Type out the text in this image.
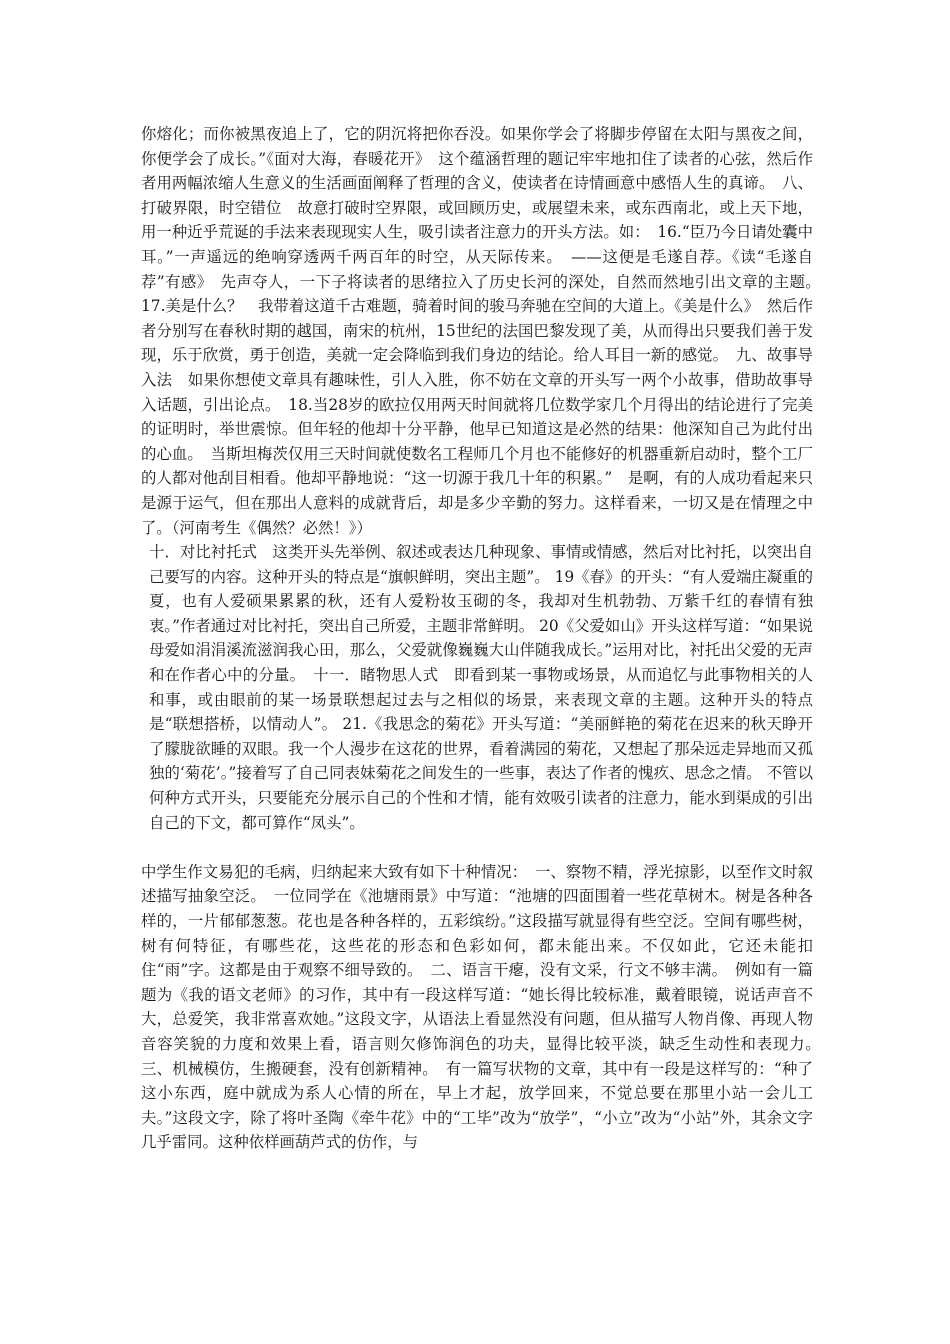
你熔化；而你被黑夜追上了，它的阴沉将把你吞没。如果你学会了将脚步停留在太阳与黑夜之间，你便学会了成长。”《面对大海，春暖花开》　这个蕴涵哲理的题记牢牢地扣住了读者的心弦，然后作者用两幅浓缩人生意义的生活画面阐释了哲理的含义，使读者在诗情画意中感悟人生的真谛。　八、打破界限，时空错位　故意打破时空界限，或回顾历史，或展望未来，或东西南北，或上天下地，用一种近乎荒诞的手法来表现现实人生，吸引读者注意力的开头方法。如：　16.“臣乃今日请处囊中耳。”一声遥远的绝响穿透两千两百年的时空，从天际传来。　——这便是毛遂自荐。《读“毛遂自荐”有感》　先声夺人，一下子将读者的思绪拉入了历史长河的深处，自然而然地引出文章的主题。　17.美是什么？　我带着这道千古难题，骑着时间的骏马奔驰在空间的大道上。《美是什么》　然后作者分别写在春秋时期的越国，南宋的杭州，15世纪的法国巴黎发现了美，从而得出只要我们善于发现，乐于欣赏，勇于创造，美就一定会降临到我们身边的结论。给人耳目一新的感觉。　九、故事导入法　如果你想使文章具有趣味性，引人入胜，你不妨在文章的开头写一两个小故事，借助故事导入话题，引出论点。　18.当28岁的欧拉仅用两天时间就将几位数学家几个月得出的结论进行了完美的证明时，举世震惊。但年轻的他却十分平静，他早已知道这是必然的结果：他深知自己为此付出的心血。　当斯坦梅茨仅用三天时间就使数名工程师几个月也不能修好的机器重新启动时，整个工厂的人都对他刮目相看。他却平静地说：“这一切源于我几十年的积累。”　是啊，有的人成功看起来只是源于运气，但在那出人意料的成就背后，却是多少辛勤的努力。这样看来，一切又是在情理之中了。（河南考生《偶然？必然！》）

十．对比衬托式　这类开头先举例、叙述或表达几种现象、事情或情感，然后对比衬托，以突出自己要写的内容。这种开头的特点是“旗帜鲜明，突出主题”。 19《春》的开头：“有人爱端庄凝重的夏，也有人爱硕果累累的秋，还有人爱粉妆玉砌的冬，我却对生机勃勃、万紫千红的春情有独衷。”作者通过对比衬托，突出自己所爱，主题非常鲜明。 20《父爱如山》开头这样写道：“如果说母爱如涓涓溪流滋润我心田，那么，父爱就像巍巍大山伴随我成长。”运用对比，衬托出父爱的无声和在作者心中的分量。　十一．睹物思人式　即看到某一事物或场景，从而追忆与此事物相关的人和事，或由眼前的某一场景联想起过去与之相似的场景，来表现文章的主题。这种开头的特点是“联想搭桥，以情动人”。 21.《我思念的菊花》开头写道：“美丽鲜艳的菊花在迟来的秋天睁开了朦胧欲睡的双眼。我一个人漫步在这花的世界，看着满园的菊花，又想起了那朵远走异地而又孤独的‘菊花’。”接着写了自己同表妹菊花之间发生的一些事，表达了作者的愧疚、思念之情。 不管以何种方式开头，只要能充分展示自己的个性和才情，能有效吸引读者的注意力，能水到渠成的引出自己的下文，都可算作“凤头”。

中学生作文易犯的毛病，归纳起来大致有如下十种情况：　一、察物不精，浮光掠影，以至作文时叙述描写抽象空泛。　一位同学在《池塘雨景》中写道：“池塘的四面围着一些花草树木。树是各种各样的，一片郁郁葱葱。花也是各种各样的，五彩缤纷。”这段描写就显得有些空泛。空间有哪些树，树有何特征，有哪些花，这些花的形态和色彩如何，都未能出来。不仅如此，它还未能扣住“雨”字。这都是由于观察不细导致的。　二、语言干瘪，没有文采，行文不够丰满。　例如有一篇题为《我的语文老师》的习作，其中有一段这样写道：“她长得比较标准，戴着眼镜，说话声音不大，总爱笑，我非常喜欢她。”这段文字，从语法上看显然没有问题，但从描写人物肖像、再现人物音容笑貌的力度和效果上看，语言则欠修饰润色的功夫，显得比较平淡，缺乏生动性和表现力。　三、机械模仿，生搬硬套，没有创新精神。　有一篇写状物的文章，其中有一段是这样写的：“种了这小东西，庭中就成为系人心情的所在，早上才起，放学回来，不觉总要在那里小站一会儿工夫。”这段文字，除了将叶圣陶《牵牛花》中的“工毕”改为“放学”，“小立”改为“小站”外，其余文字几乎雷同。这种依样画葫芦式的仿作，与
